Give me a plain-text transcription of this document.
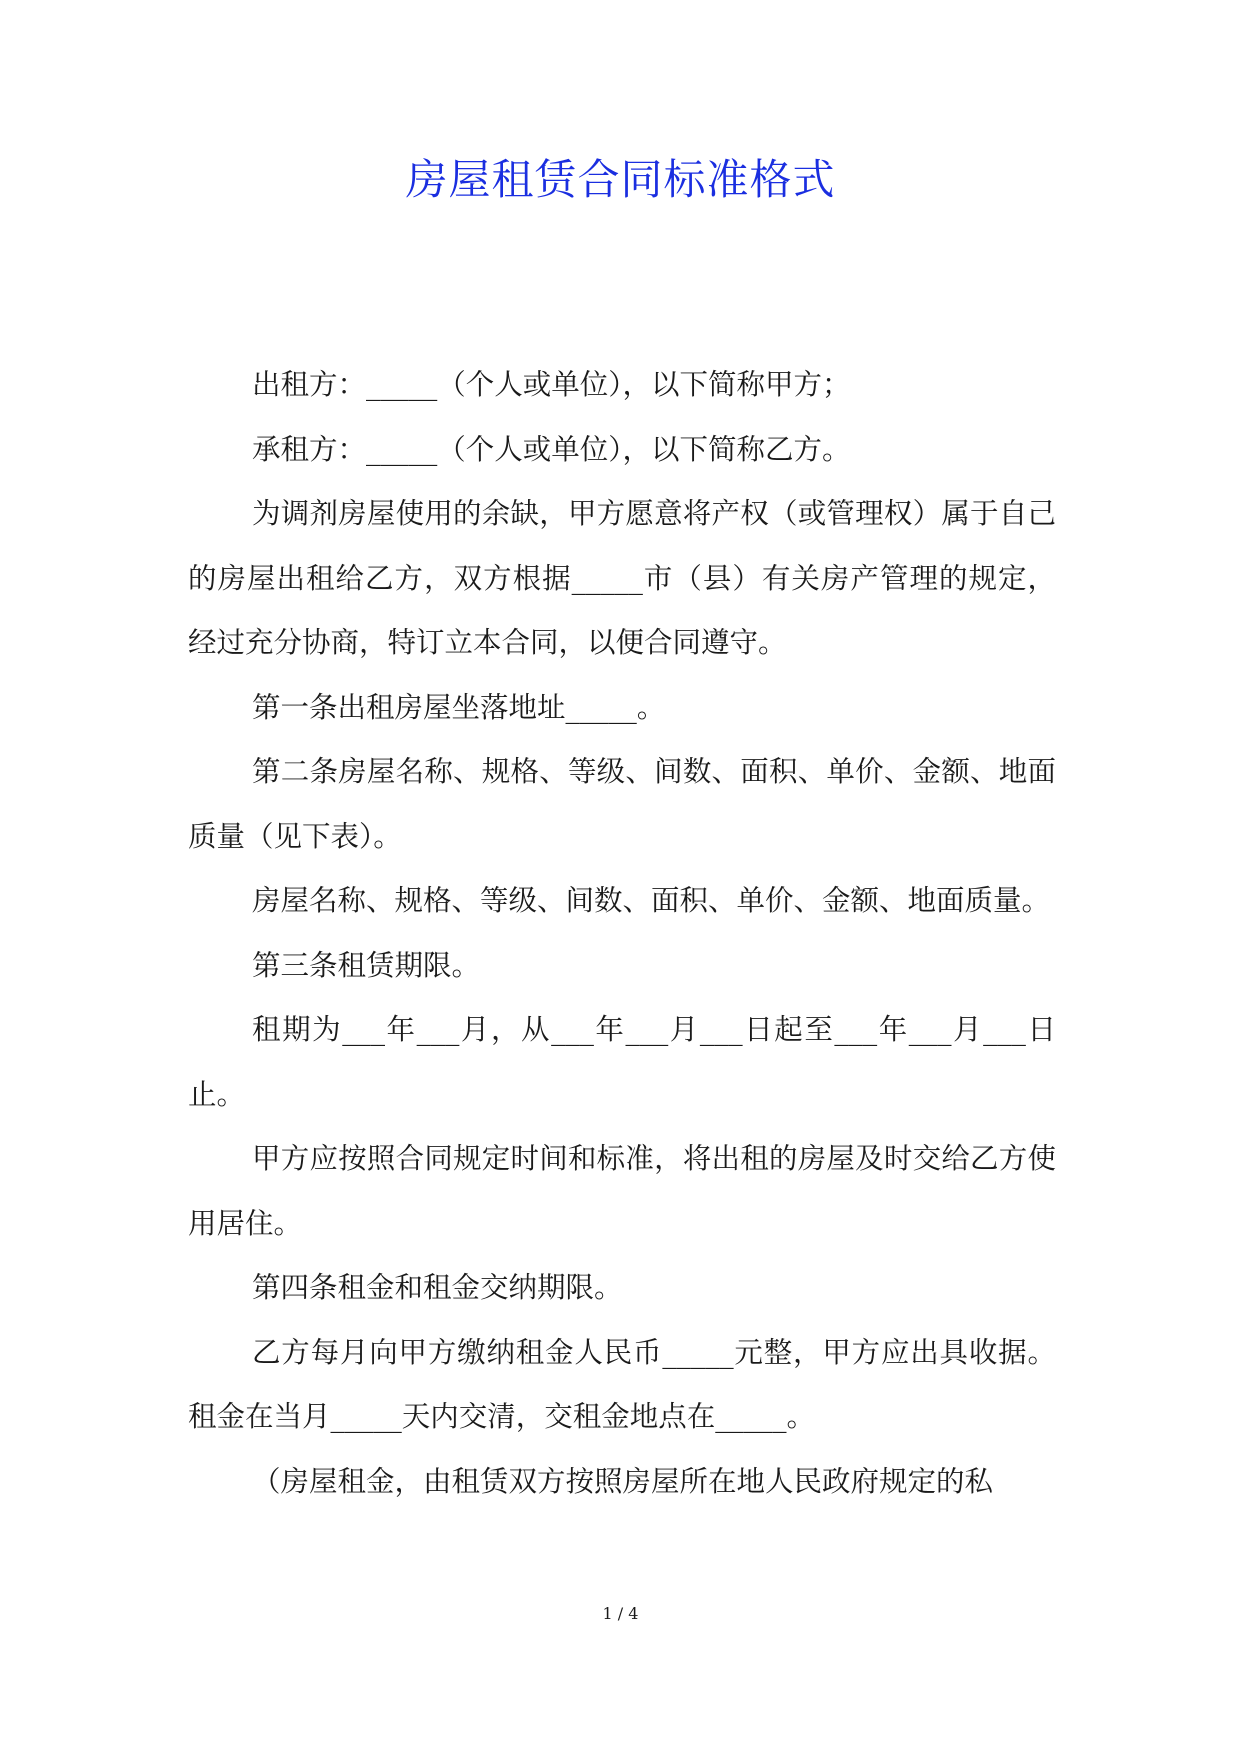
房屋租赁合同标准格式

出租方：_____（个人或单位），以下简称甲方；

承租方：_____（个人或单位），以下简称乙方。

为调剂房屋使用的余缺，甲方愿意将产权（或管理权）属于自己的房屋出租给乙方，双方根据_____市（县）有关房产管理的规定，经过充分协商，特订立本合同，以便合同遵守。

第一条出租房屋坐落地址_____。

第二条房屋名称、规格、等级、间数、面积、单价、金额、地面质量（见下表）。

房屋名称、规格、等级、间数、面积、单价、金额、地面质量。

第三条租赁期限。

租期为___年___月，从___年___月___日起至___年___月___日止。

甲方应按照合同规定时间和标准，将出租的房屋及时交给乙方使用居住。

第四条租金和租金交纳期限。

乙方每月向甲方缴纳租金人民币_____元整，甲方应出具收据。租金在当月_____天内交清，交租金地点在_____。

（房屋租金，由租赁双方按照房屋所在地人民政府规定的私

1 / 4
